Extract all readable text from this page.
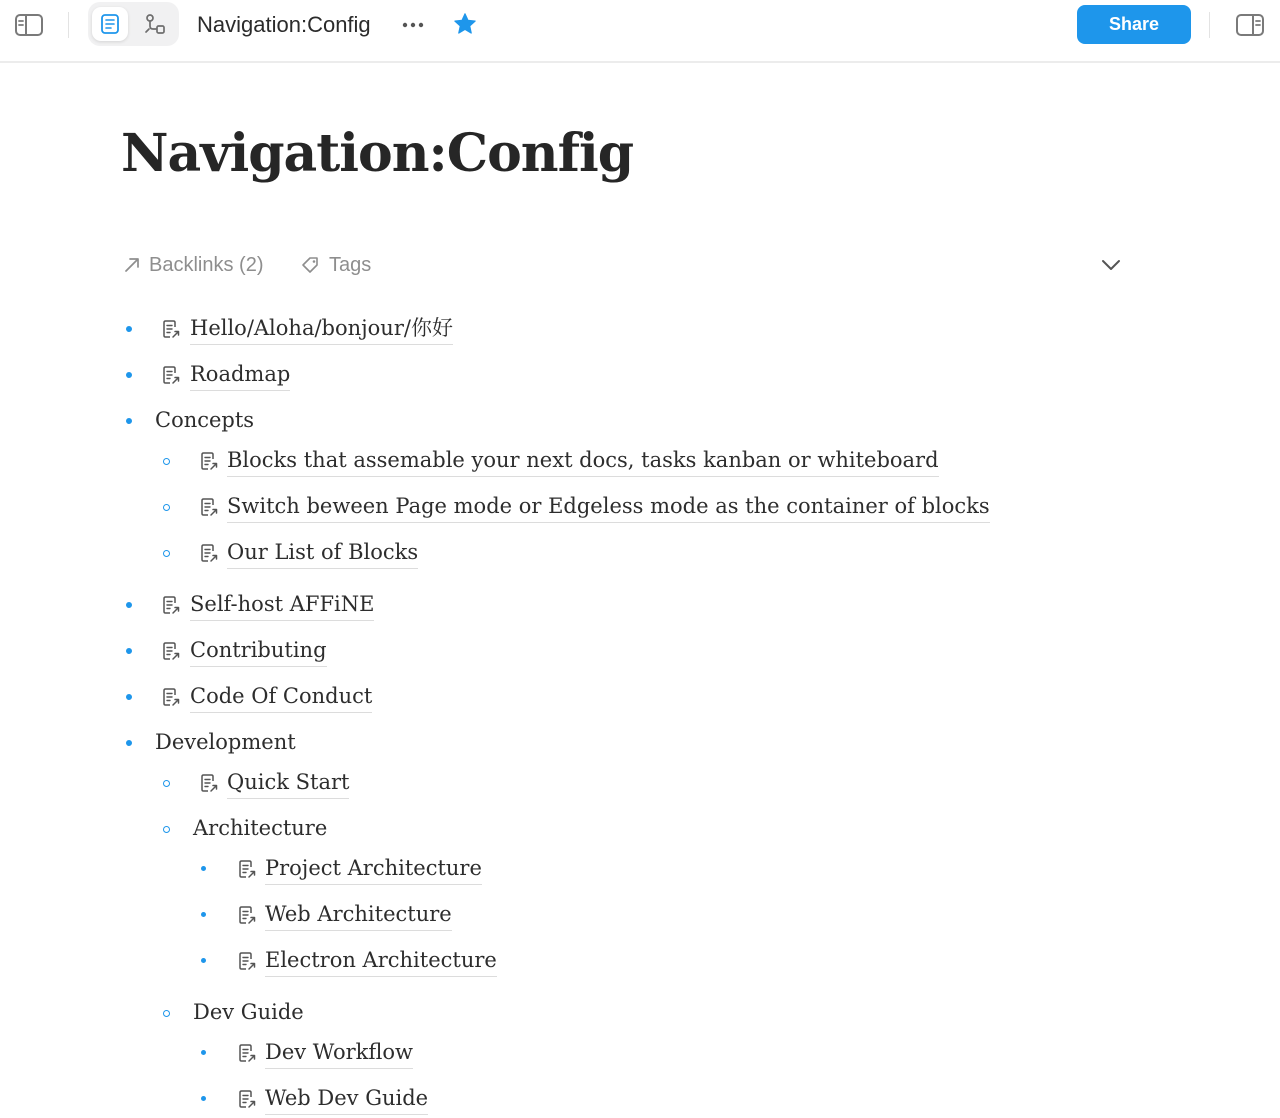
Navigation:Config	Share
Navigation:Config
Backlinks (2)	Tags
Hello/Aloha/bonjour/你好
Roadmap
Concepts
Blocks that assemable your next docs, tasks kanban or whiteboard
Switch beween Page mode or Edgeless mode as the container of blocks
Our List of Blocks
Self-host AFFiNE
Contributing
Code Of Conduct
Development
Quick Start
Architecture
Project Architecture
Web Architecture
Electron Architecture
Dev Guide
Dev Workflow
Web Dev Guide
